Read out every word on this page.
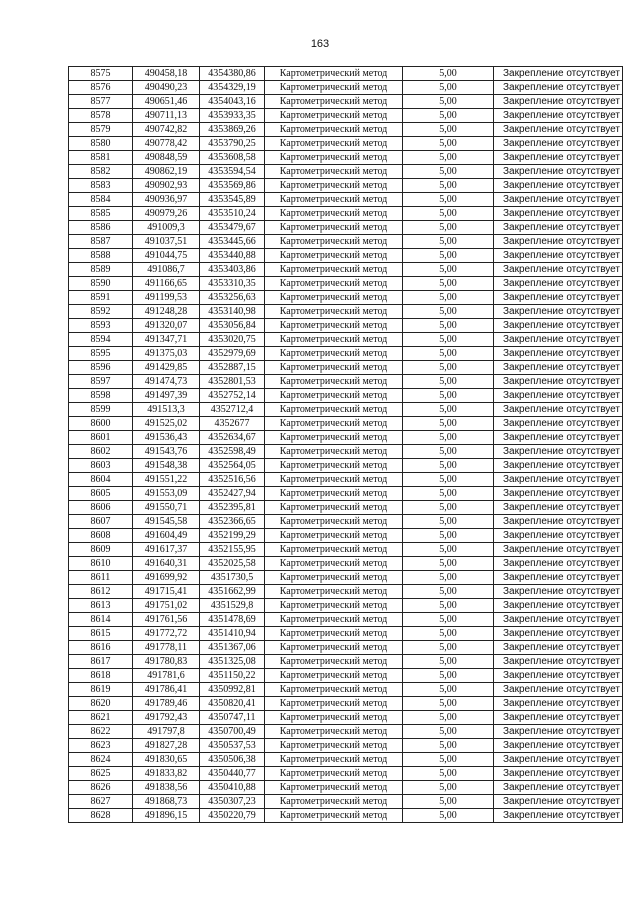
163
8575	490458,18	4354380,86	Картометрический метод	5,00	Закрепление отсутствует
8576	490490,23	4354329,19	Картометрический метод	5,00	Закрепление отсутствует
8577	490651,46	4354043,16	Картометрический метод	5,00	Закрепление отсутствует
8578	490711,13	4353933,35	Картометрический метод	5,00	Закрепление отсутствует
8579	490742,82	4353869,26	Картометрический метод	5,00	Закрепление отсутствует
8580	490778,42	4353790,25	Картометрический метод	5,00	Закрепление отсутствует
8581	490848,59	4353608,58	Картометрический метод	5,00	Закрепление отсутствует
8582	490862,19	4353594,54	Картометрический метод	5,00	Закрепление отсутствует
8583	490902,93	4353569,86	Картометрический метод	5,00	Закрепление отсутствует
8584	490936,97	4353545,89	Картометрический метод	5,00	Закрепление отсутствует
8585	490979,26	4353510,24	Картометрический метод	5,00	Закрепление отсутствует
8586	491009,3	4353479,67	Картометрический метод	5,00	Закрепление отсутствует
8587	491037,51	4353445,66	Картометрический метод	5,00	Закрепление отсутствует
8588	491044,75	4353440,88	Картометрический метод	5,00	Закрепление отсутствует
8589	491086,7	4353403,86	Картометрический метод	5,00	Закрепление отсутствует
8590	491166,65	4353310,35	Картометрический метод	5,00	Закрепление отсутствует
8591	491199,53	4353256,63	Картометрический метод	5,00	Закрепление отсутствует
8592	491248,28	4353140,98	Картометрический метод	5,00	Закрепление отсутствует
8593	491320,07	4353056,84	Картометрический метод	5,00	Закрепление отсутствует
8594	491347,71	4353020,75	Картометрический метод	5,00	Закрепление отсутствует
8595	491375,03	4352979,69	Картометрический метод	5,00	Закрепление отсутствует
8596	491429,85	4352887,15	Картометрический метод	5,00	Закрепление отсутствует
8597	491474,73	4352801,53	Картометрический метод	5,00	Закрепление отсутствует
8598	491497,39	4352752,14	Картометрический метод	5,00	Закрепление отсутствует
8599	491513,3	4352712,4	Картометрический метод	5,00	Закрепление отсутствует
8600	491525,02	4352677	Картометрический метод	5,00	Закрепление отсутствует
8601	491536,43	4352634,67	Картометрический метод	5,00	Закрепление отсутствует
8602	491543,76	4352598,49	Картометрический метод	5,00	Закрепление отсутствует
8603	491548,38	4352564,05	Картометрический метод	5,00	Закрепление отсутствует
8604	491551,22	4352516,56	Картометрический метод	5,00	Закрепление отсутствует
8605	491553,09	4352427,94	Картометрический метод	5,00	Закрепление отсутствует
8606	491550,71	4352395,81	Картометрический метод	5,00	Закрепление отсутствует
8607	491545,58	4352366,65	Картометрический метод	5,00	Закрепление отсутствует
8608	491604,49	4352199,29	Картометрический метод	5,00	Закрепление отсутствует
8609	491617,37	4352155,95	Картометрический метод	5,00	Закрепление отсутствует
8610	491640,31	4352025,58	Картометрический метод	5,00	Закрепление отсутствует
8611	491699,92	4351730,5	Картометрический метод	5,00	Закрепление отсутствует
8612	491715,41	4351662,99	Картометрический метод	5,00	Закрепление отсутствует
8613	491751,02	4351529,8	Картометрический метод	5,00	Закрепление отсутствует
8614	491761,56	4351478,69	Картометрический метод	5,00	Закрепление отсутствует
8615	491772,72	4351410,94	Картометрический метод	5,00	Закрепление отсутствует
8616	491778,11	4351367,06	Картометрический метод	5,00	Закрепление отсутствует
8617	491780,83	4351325,08	Картометрический метод	5,00	Закрепление отсутствует
8618	491781,6	4351150,22	Картометрический метод	5,00	Закрепление отсутствует
8619	491786,41	4350992,81	Картометрический метод	5,00	Закрепление отсутствует
8620	491789,46	4350820,41	Картометрический метод	5,00	Закрепление отсутствует
8621	491792,43	4350747,11	Картометрический метод	5,00	Закрепление отсутствует
8622	491797,8	4350700,49	Картометрический метод	5,00	Закрепление отсутствует
8623	491827,28	4350537,53	Картометрический метод	5,00	Закрепление отсутствует
8624	491830,65	4350506,38	Картометрический метод	5,00	Закрепление отсутствует
8625	491833,82	4350440,77	Картометрический метод	5,00	Закрепление отсутствует
8626	491838,56	4350410,88	Картометрический метод	5,00	Закрепление отсутствует
8627	491868,73	4350307,23	Картометрический метод	5,00	Закрепление отсутствует
8628	491896,15	4350220,79	Картометрический метод	5,00	Закрепление отсутствует
